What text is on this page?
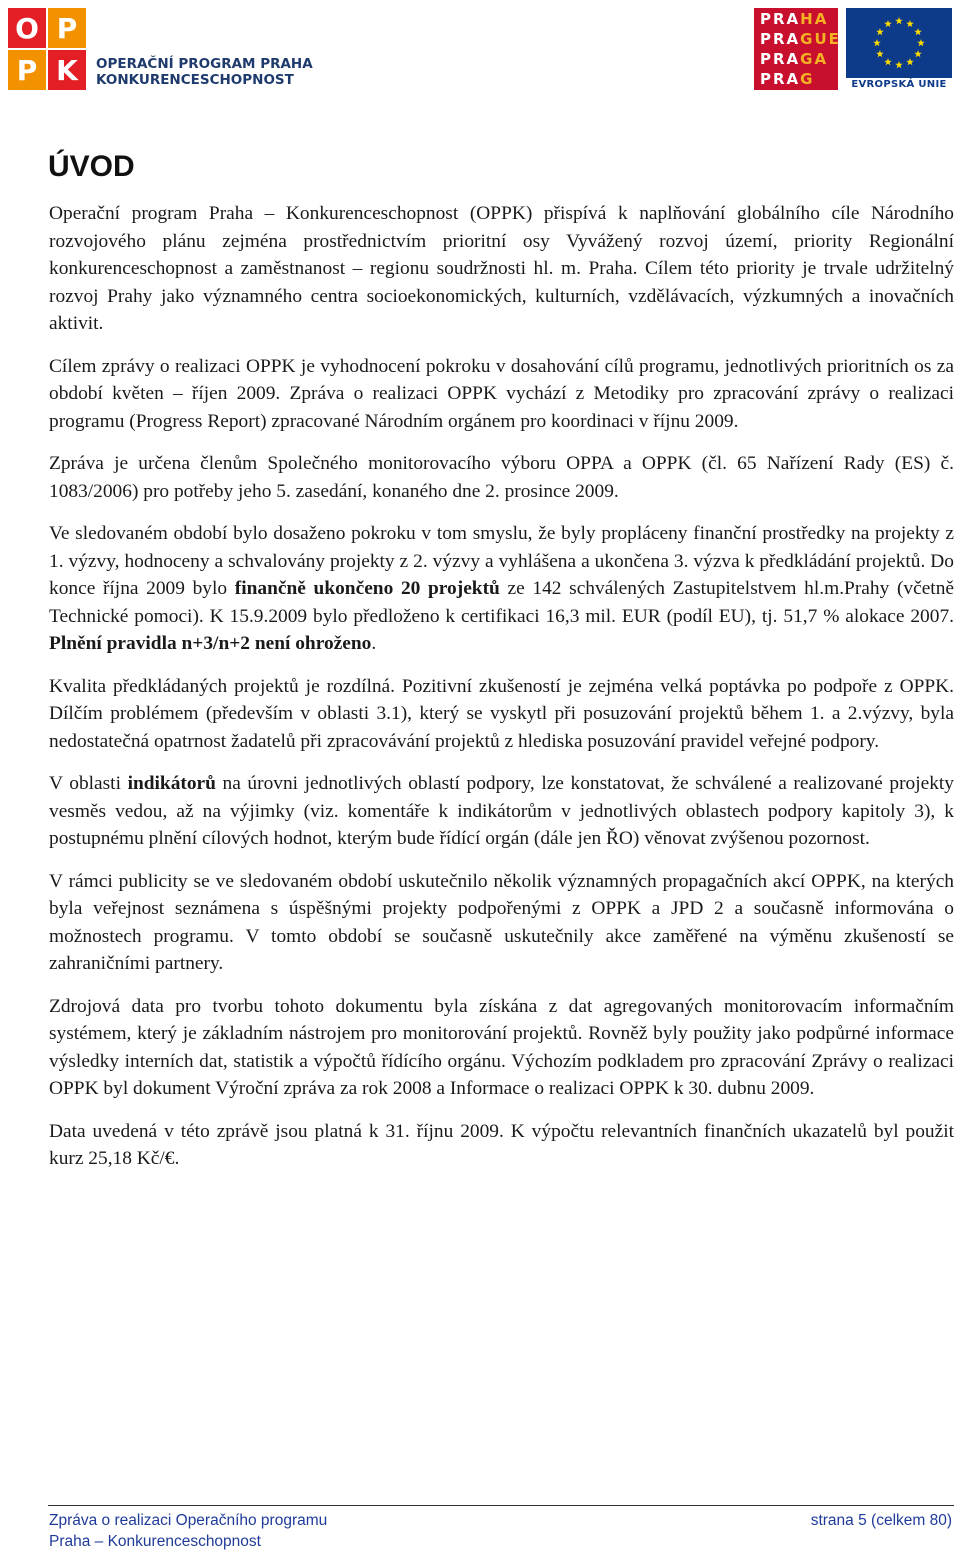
O P
P K	OPERAČNÍ PROGRAM PRAHA
KONKURENCESCHOPNOST
PRAHA
PRAGUE
PRAGA
PRAG	EVROPSKÁ UNIE
ÚVOD

Operační program Praha – Konkurenceschopnost (OPPK) přispívá k naplňování globálního cíle Národního rozvojového plánu zejména prostřednictvím prioritní osy Vyvážený rozvoj území, priority Regionální konkurenceschopnost a zaměstnanost – regionu soudržnosti hl. m. Praha. Cílem této priority je trvale udržitelný rozvoj Prahy jako významného centra socioekonomických, kulturních, vzdělávacích, výzkumných a inovačních aktivit.

Cílem zprávy o realizaci OPPK je vyhodnocení pokroku v dosahování cílů programu, jednotlivých prioritních os za období květen – říjen 2009. Zpráva o realizaci OPPK vychází z Metodiky pro zpracování zprávy o realizaci programu (Progress Report) zpracované Národním orgánem pro koordinaci v říjnu 2009.

Zpráva je určena členům Společného monitorovacího výboru OPPA a OPPK (čl. 65 Nařízení Rady (ES) č. 1083/2006) pro potřeby jeho 5. zasedání, konaného dne 2. prosince 2009.

Ve sledovaném období bylo dosaženo pokroku v tom smyslu, že byly propláceny finanční prostředky na projekty z 1. výzvy, hodnoceny a schvalovány projekty z 2. výzvy a vyhlášena a ukončena 3. výzva k předkládání projektů. Do konce října 2009 bylo finančně ukončeno 20 projektů ze 142 schválených Zastupitelstvem hl.m.Prahy (včetně Technické pomoci). K 15.9.2009 bylo předloženo k certifikaci 16,3 mil. EUR (podíl EU), tj. 51,7 % alokace 2007. Plnění pravidla n+3/n+2 není ohroženo.

Kvalita předkládaných projektů je rozdílná. Pozitivní zkušeností je zejména velká poptávka po podpoře z OPPK. Dílčím problémem (především v oblasti 3.1), který se vyskytl při posuzování projektů během 1. a 2.výzvy, byla nedostatečná opatrnost žadatelů při zpracovávání projektů z hlediska posuzování pravidel veřejné podpory.

V oblasti indikátorů na úrovni jednotlivých oblastí podpory, lze konstatovat, že schválené a realizované projekty vesměs vedou, až na výjimky (viz. komentáře k indikátorům v jednotlivých oblastech podpory kapitoly 3), k postupnému plnění cílových hodnot, kterým bude řídící orgán (dále jen ŘO) věnovat zvýšenou pozornost.

V rámci publicity se ve sledovaném období uskutečnilo několik významných propagačních akcí OPPK, na kterých byla veřejnost seznámena s úspěšnými projekty podpořenými z OPPK a JPD 2 a současně informována o možnostech programu. V tomto období se současně uskutečnily akce zaměřené na výměnu zkušeností se zahraničními partnery.

Zdrojová data pro tvorbu tohoto dokumentu byla získána z dat agregovaných monitorovacím informačním systémem, který je základním nástrojem pro monitorování projektů. Rovněž byly použity jako podpůrné informace výsledky interních dat, statistik a výpočtů řídícího orgánu. Výchozím podkladem pro zpracování Zprávy o realizaci OPPK byl dokument Výroční zpráva za rok 2008 a Informace o realizaci OPPK k 30. dubnu 2009.

Data uvedená v této zprávě jsou platná k 31. říjnu 2009. K výpočtu relevantních finančních ukazatelů byl použit kurz 25,18 Kč/€.

Zpráva o realizaci Operačního programu
Praha – Konkurenceschopnost
strana 5 (celkem 80)
